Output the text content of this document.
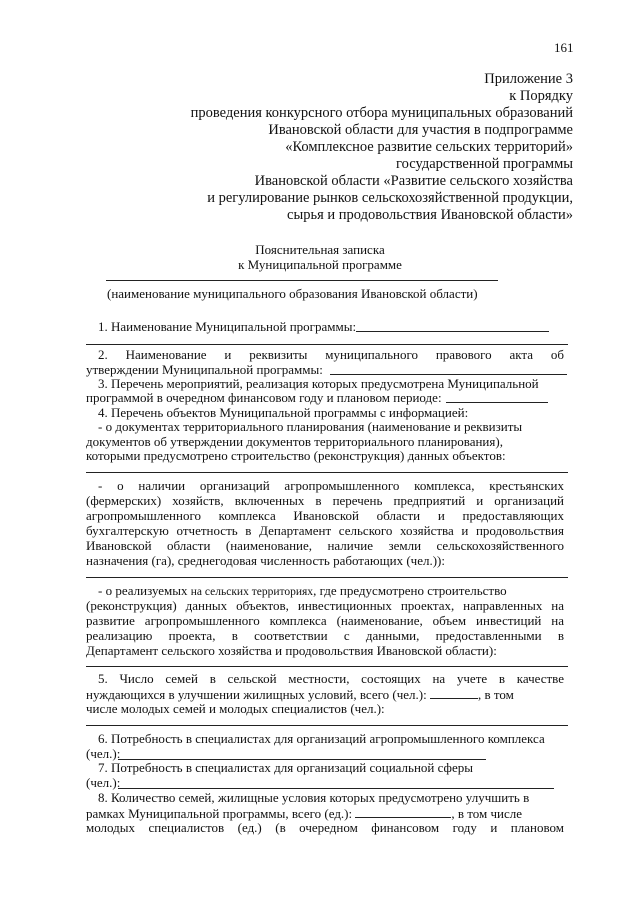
161
Приложение 3
к Порядку
проведения конкурсного отбора муниципальных образований
Ивановской области для участия в подпрограмме
«Комплексное развитие сельских территорий»
государственной программы
Ивановской области «Развитие сельского хозяйства
и регулирование рынков сельскохозяйственной продукции,
сырья и продовольствия Ивановской области»
Пояснительная записка
к Муниципальной программе
(наименование муниципального образования Ивановской области)
1. Наименование Муниципальной программы:
2. Наименование и реквизиты муниципального правового акта об
утверждении Муниципальной программы:
3. Перечень мероприятий, реализация которых предусмотрена Муниципальной
программой в очередном финансовом году и плановом периоде:
4. Перечень объектов Муниципальной программы с информацией:
- о документах территориального планирования (наименование и реквизиты
документов об утверждении документов территориального планирования),
которыми предусмотрено строительство (реконструкция) данных объектов:
- о наличии организаций агропромышленного комплекса, крестьянских
(фермерских) хозяйств, включенных в перечень предприятий и организаций
агропромышленного комплекса Ивановской области и предоставляющих
бухгалтерскую отчетность в Департамент сельского хозяйства и продовольствия
Ивановской области (наименование, наличие земли сельскохозяйственного
назначения (га), среднегодовая численность работающих (чел.)):
- о реализуемых на сельских территориях, где предусмотрено строительство
(реконструкция) данных объектов, инвестиционных проектах, направленных на
развитие агропромышленного комплекса (наименование, объем инвестиций на
реализацию проекта, в соответствии с данными, предоставленными в
Департамент сельского хозяйства и продовольствия Ивановской области):
5. Число семей в сельской местности, состоящих на учете в качестве
нуждающихся в улучшении жилищных условий, всего (чел.):	, в том
числе молодых семей и молодых специалистов (чел.):
6. Потребность в специалистах для организаций агропромышленного комплекса
(чел.):
7. Потребность в специалистах для организаций социальной сферы
(чел.):
8. Количество семей, жилищные условия которых предусмотрено улучшить в
рамках Муниципальной программы, всего (ед.):	, в том числе
молодых специалистов (ед.) (в очередном финансовом году и плановом
